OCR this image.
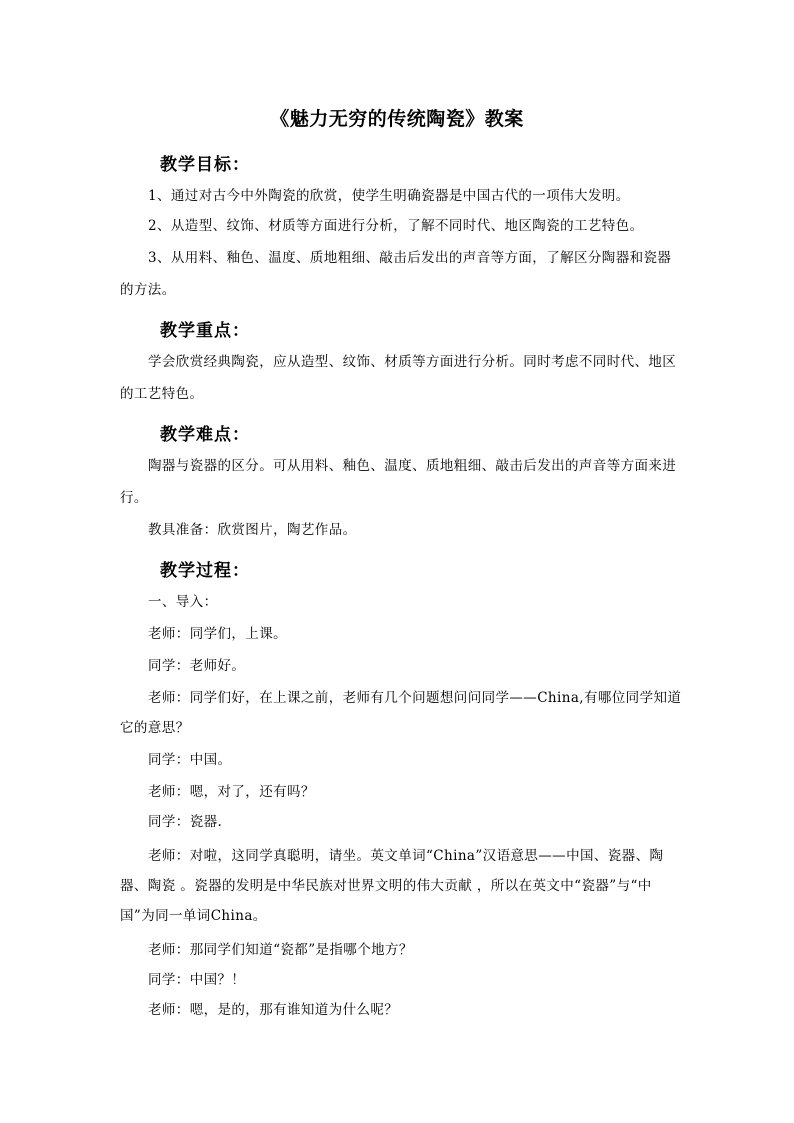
《魅力无穷的传统陶瓷》教案
教学目标：
1、通过对古今中外陶瓷的欣赏，使学生明确瓷器是中国古代的一项伟大发明。
2、从造型、纹饰、材质等方面进行分析，了解不同时代、地区陶瓷的工艺特色。
3、从用料、釉色、温度、质地粗细、敲击后发出的声音等方面，了解区分陶器和瓷器
的方法。
教学重点：
学会欣赏经典陶瓷，应从造型、纹饰、材质等方面进行分析。同时考虑不同时代、地区
的工艺特色。
教学难点：
陶器与瓷器的区分。可从用料、釉色、温度、质地粗细、敲击后发出的声音等方面来进
行。
教具准备：欣赏图片，陶艺作品。
教学过程：
一、导入：
老师：同学们，上课。
同学：老师好。
老师：同学们好，在上课之前，老师有几个问题想问问同学——China,有哪位同学知道
它的意思？
同学：中国。
老师：嗯，对了，还有吗？
同学：瓷器.
老师：对啦，这同学真聪明，请坐。英文单词“China”汉语意思——中国、瓷器、陶
器、陶瓷 。瓷器的发明是中华民族对世界文明的伟大贡献 ，所以在英文中“瓷器”与“中
国”为同一单词China。
老师：那同学们知道“瓷都”是指哪个地方？
同学：中国？！
老师：嗯，是的，那有谁知道为什么呢？
